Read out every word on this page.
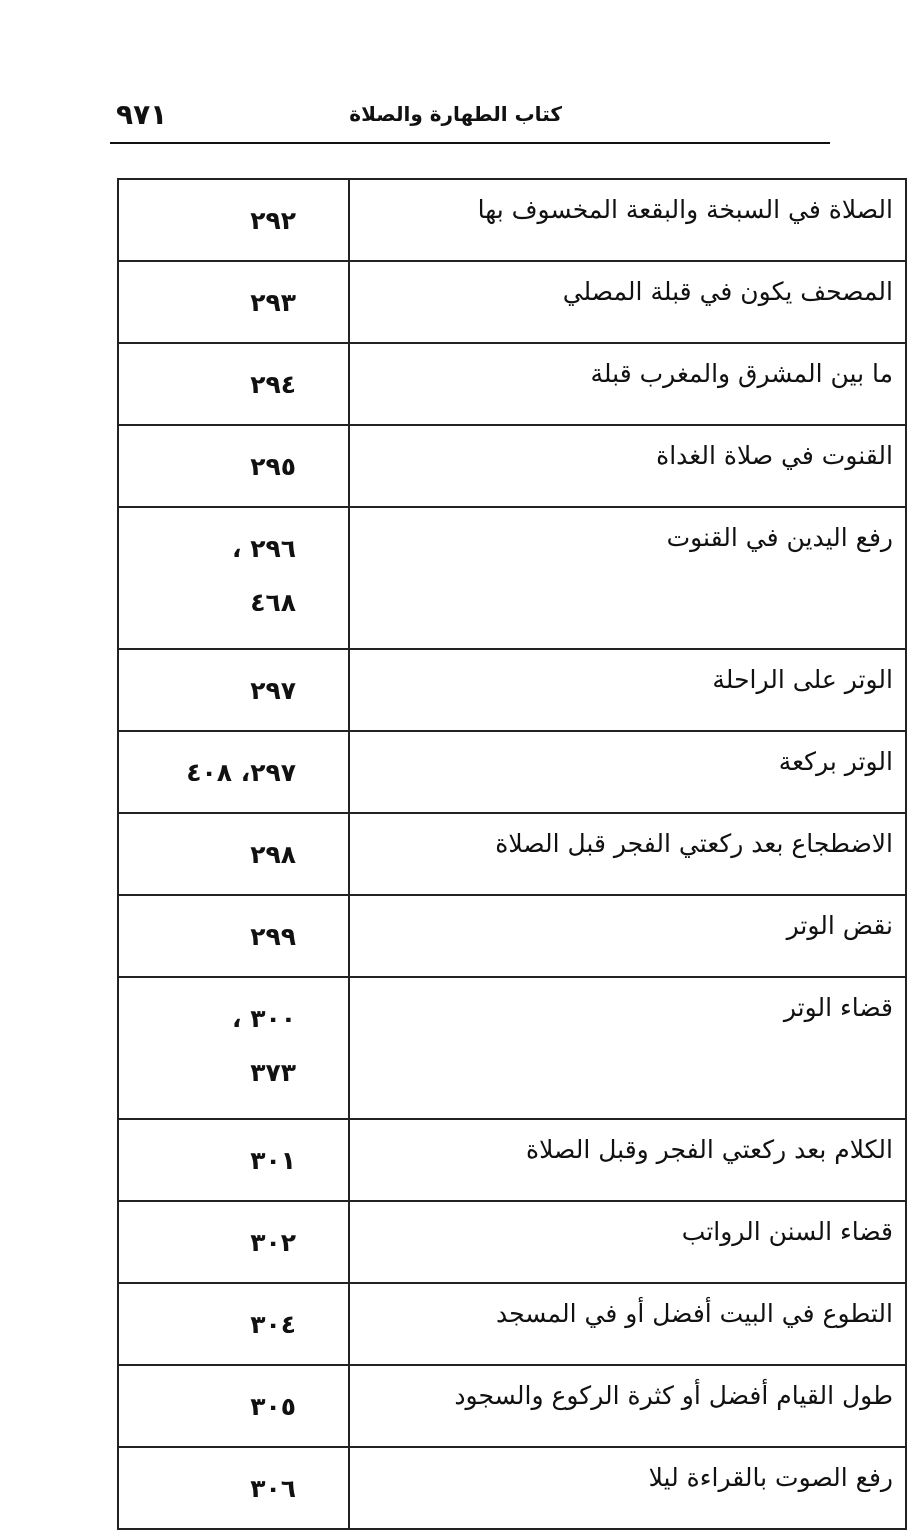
٩٧١	كتاب الطهارة والصلاة
الصلاة في السبخة والبقعة المخسوف بها	٢٩٢

المصحف يكون في قبلة المصلي	٢٩٣

ما بين المشرق والمغرب قبلة	٢٩٤

القنوت في صلاة الغداة	٢٩٥

رفع اليدين في القنوت	٢٩٦ ،
٤٦٨

الوتر على الراحلة	٢٩٧

الوتر بركعة	٢٩٧، ٤٠٨

الاضطجاع بعد ركعتي الفجر قبل الصلاة	٢٩٨

نقض الوتر	٢٩٩

قضاء الوتر	٣٠٠ ،
٣٧٣

الكلام بعد ركعتي الفجر وقبل الصلاة	٣٠١

قضاء السنن الرواتب	٣٠٢

التطوع في البيت أفضل أو في المسجد	٣٠٤

طول القيام أفضل أو كثرة الركوع والسجود	٣٠٥

رفع الصوت بالقراءة ليلا	٣٠٦
